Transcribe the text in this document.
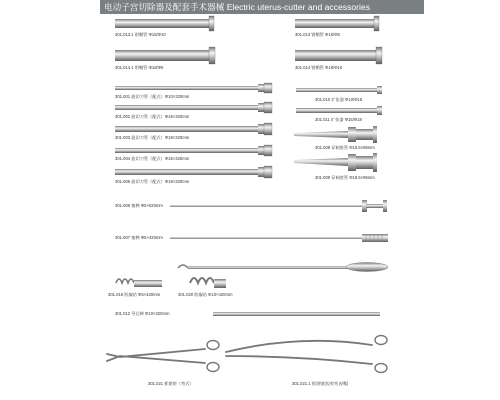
电动子宫切除器及配套手术器械 Electric uterus-cutter and accessories
301.013.1 钳鞘管 Φ15/Φ10	301.013 钳鞘管 Φ15/Φ5
301.014.1 钳鞘管 Φ18/Φ5	301.014 钳鞘管 Φ18/Φ10
301.001 旋切刀管（配式）Φ10×320mm
301.002 旋切刀管（配式）Φ15×320mm
301.003 旋切刀管（配式）Φ18×320mm
301.004 旋切刀管（配式）Φ15×320mm
301.005 旋切刀管（配式）Φ18×320mm
301.010 扩张器 Φ10/Φ15
301.011 扩张器 Φ15/Φ18
301.008 穿刺套管 Φ15.5×95mm
301.009 穿刺套管 Φ18.5×95mm
301.006 塞棒 Φ5×520mm
301.007 塞棒 Φ5×420mm
301.019 肌瘤钻 Φ5×420mm	301.020 肌瘤钻 Φ10×420mm
301.012 导芯棒 Φ10×320mm
301.021 抓钳钳（弯式）	301.021.1 抓钳钳(短咬弯齿嘴)
